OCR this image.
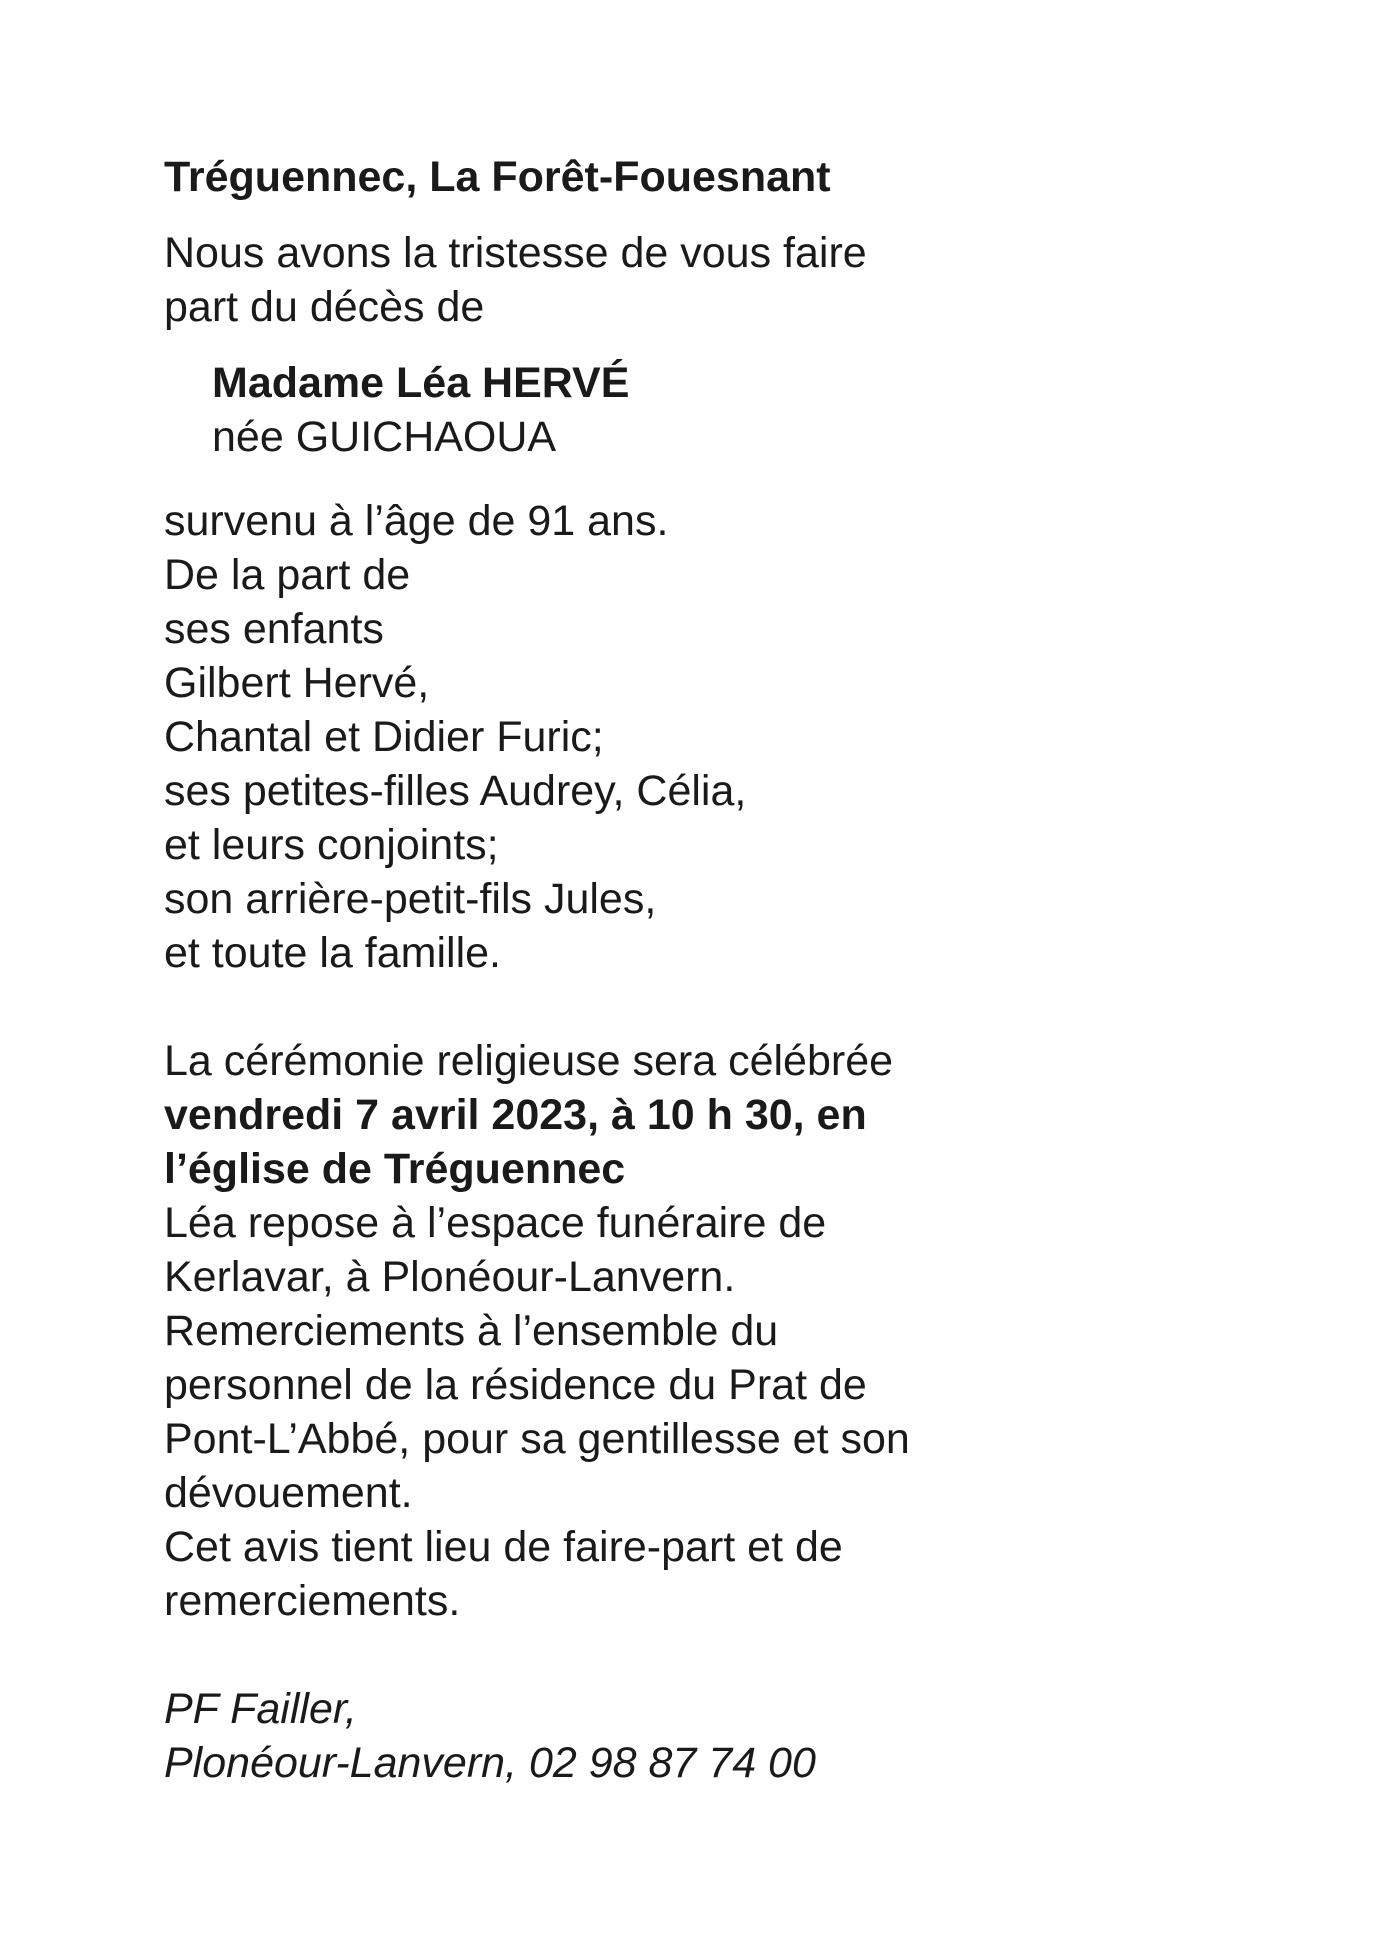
Tréguennec, La Forêt-Fouesnant
Nous avons la tristesse de vous faire
part du décès de
Madame Léa HERVÉ
née GUICHAOUA
survenu à l’âge de 91 ans.
De la part de
ses enfants
Gilbert Hervé,
Chantal et Didier Furic;
ses petites-filles Audrey, Célia,
et leurs conjoints;
son arrière-petit-fils Jules,
et toute la famille.
La cérémonie religieuse sera célébrée
vendredi 7 avril 2023, à 10 h 30, en
l’église de Tréguennec
Léa repose à l’espace funéraire de
Kerlavar, à Plonéour-Lanvern.
Remerciements à l’ensemble du
personnel de la résidence du Prat de
Pont-L’Abbé, pour sa gentillesse et son
dévouement.
Cet avis tient lieu de faire-part et de
remerciements.
PF Failler,
Plonéour-Lanvern, 02 98 87 74 00
